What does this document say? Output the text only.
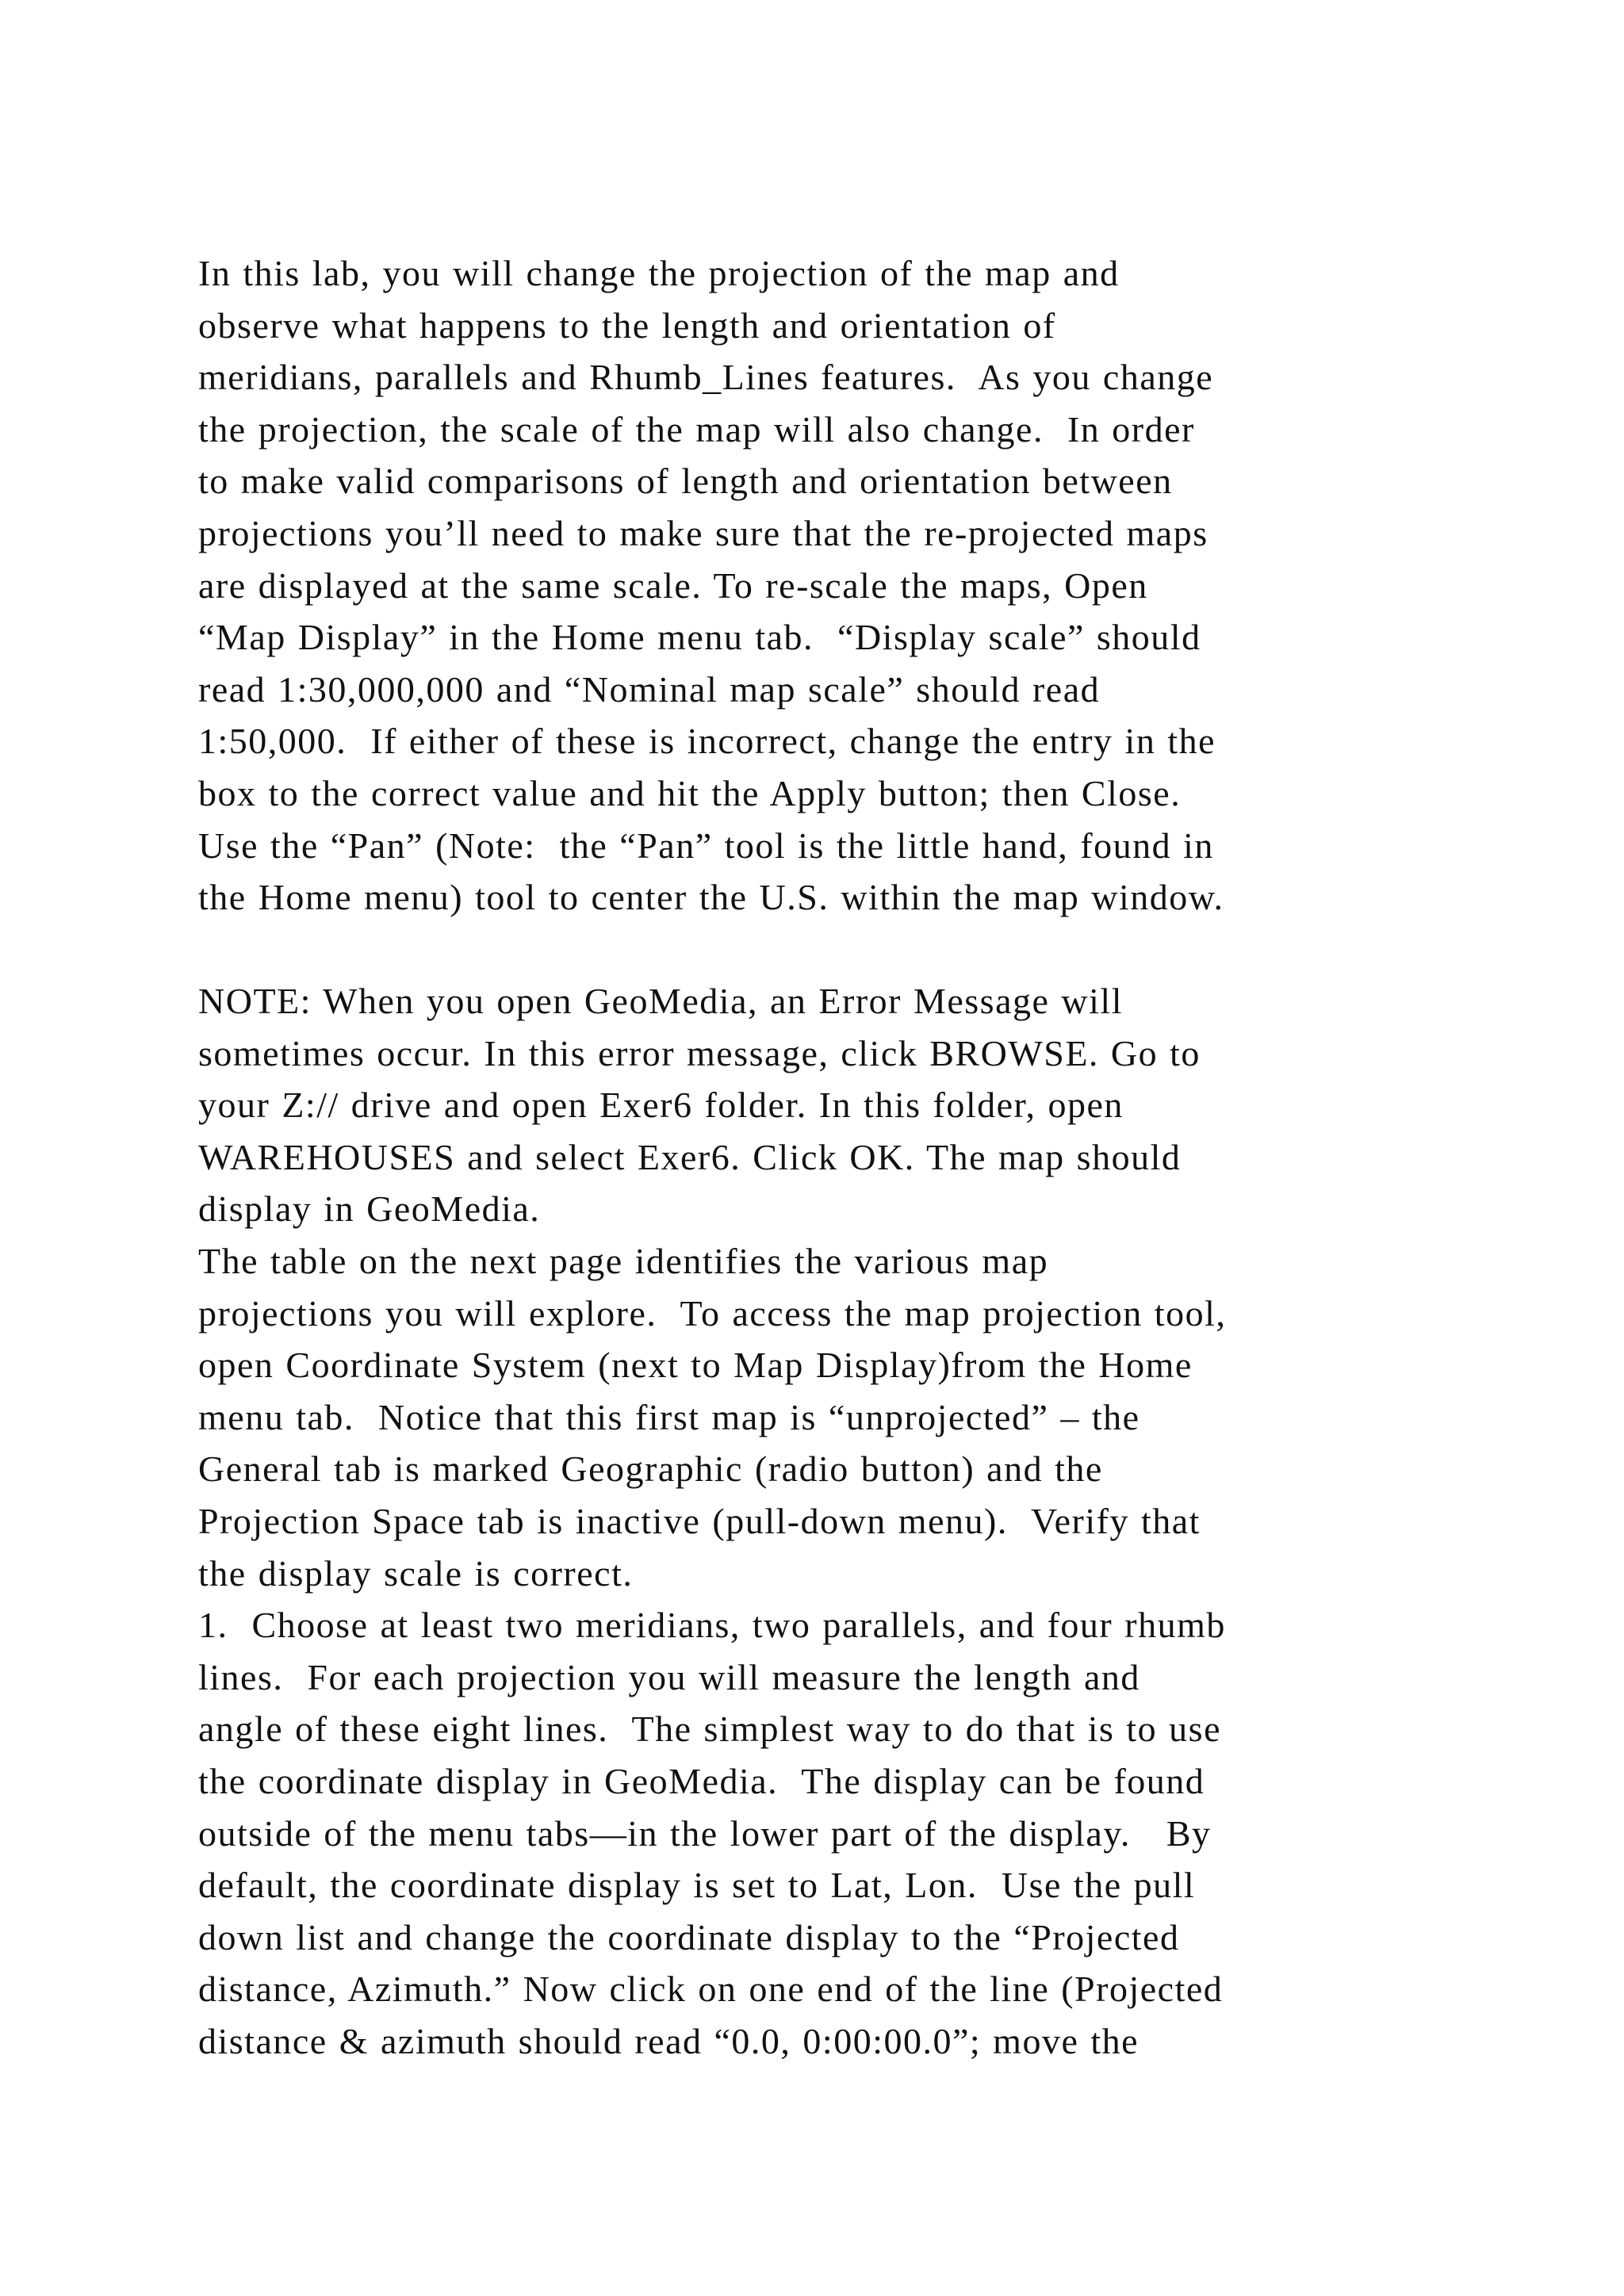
In this lab, you will change the projection of the map and
observe what happens to the length and orientation of
meridians, parallels and Rhumb_Lines features.  As you change
the projection, the scale of the map will also change.  In order
to make valid comparisons of length and orientation between
projections you’ll need to make sure that the re-projected maps
are displayed at the same scale. To re-scale the maps, Open
“Map Display” in the Home menu tab.  “Display scale” should
read 1:30,000,000 and “Nominal map scale” should read
1:50,000.  If either of these is incorrect, change the entry in the
box to the correct value and hit the Apply button; then Close.
Use the “Pan” (Note:  the “Pan” tool is the little hand, found in
the Home menu) tool to center the U.S. within the map window.
NOTE: When you open GeoMedia, an Error Message will
sometimes occur. In this error message, click BROWSE. Go to
your Z:// drive and open Exer6 folder. In this folder, open
WAREHOUSES and select Exer6. Click OK. The map should
display in GeoMedia.
The table on the next page identifies the various map
projections you will explore.  To access the map projection tool,
open Coordinate System (next to Map Display)from the Home
menu tab.  Notice that this first map is “unprojected” – the
General tab is marked Geographic (radio button) and the
Projection Space tab is inactive (pull-down menu).  Verify that
the display scale is correct.
1.  Choose at least two meridians, two parallels, and four rhumb
lines.  For each projection you will measure the length and
angle of these eight lines.  The simplest way to do that is to use
the coordinate display in GeoMedia.  The display can be found
outside of the menu tabs—in the lower part of the display.   By
default, the coordinate display is set to Lat, Lon.  Use the pull
down list and change the coordinate display to the “Projected
distance, Azimuth.” Now click on one end of the line (Projected
distance & azimuth should read “0.0, 0:00:00.0”; move the
